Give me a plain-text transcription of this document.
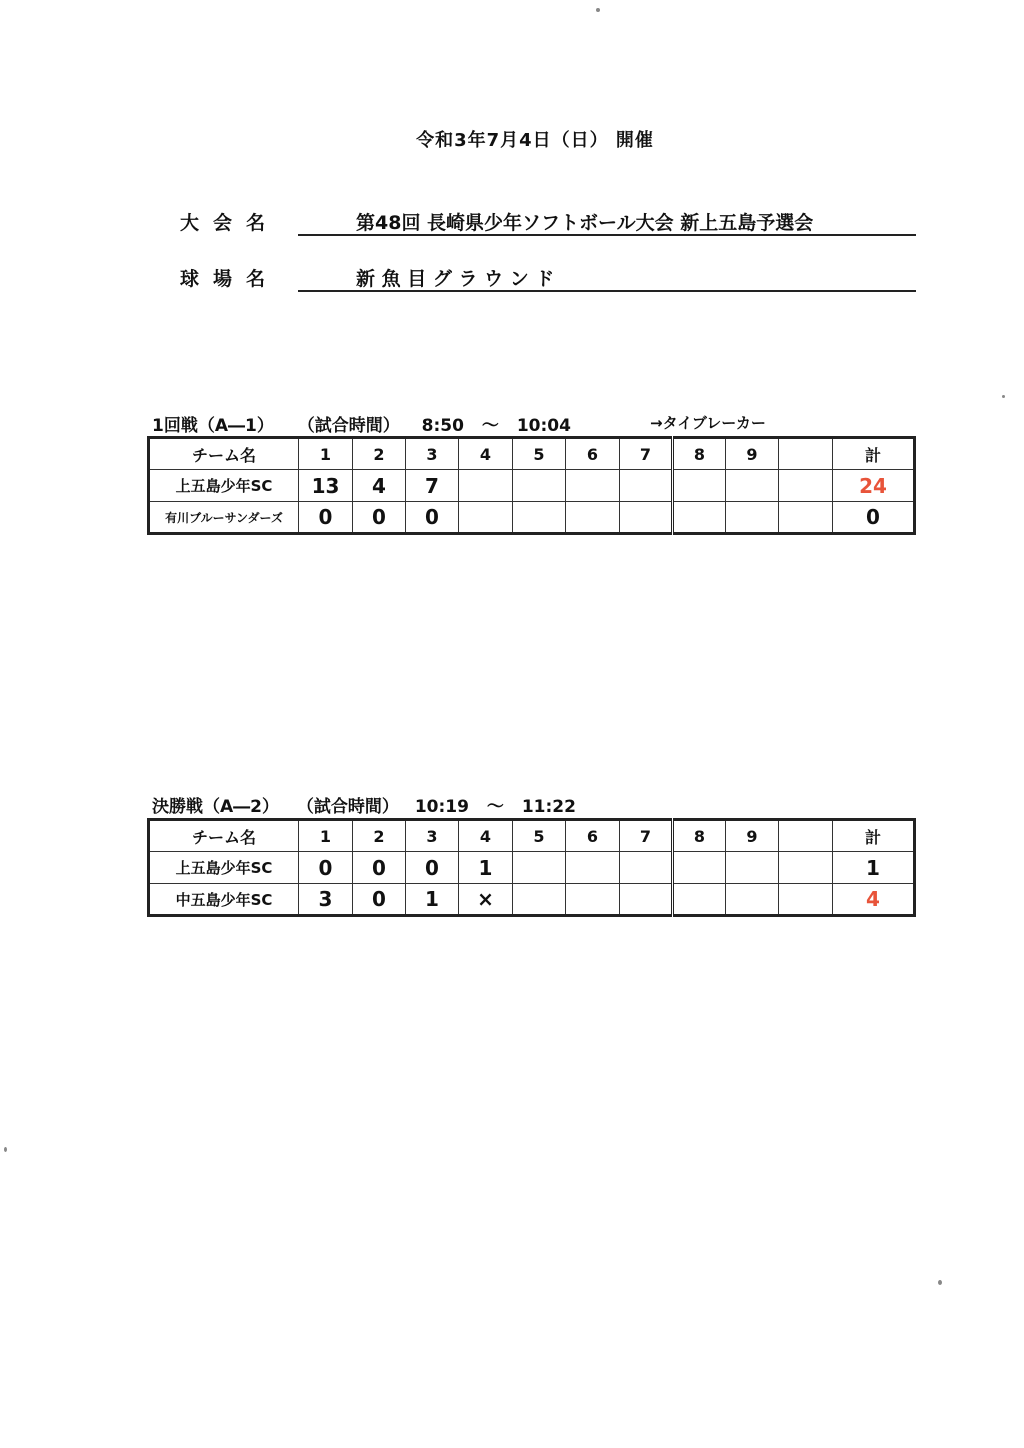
令和3年7月4日（日） 開催
大会名	第48回 長崎県少年ソフトボール大会 新上五島予選会
球場名	新 魚 目 グ ラ ウ ン ド
1回戦（A―1） （試合時間） 8:50 ～ 10:04	→タイブレーカー
チーム名	1	2	3	4	5	6	7	8	9		計
上五島少年SC	13	4	7								24
有川ブルーサンダーズ	0	0	0								0
決勝戦（A―2） （試合時間） 10:19 ～ 11:22
チーム名	1	2	3	4	5	6	7	8	9		計
上五島少年SC	0	0	0	1							1
中五島少年SC	3	0	1	×							4
